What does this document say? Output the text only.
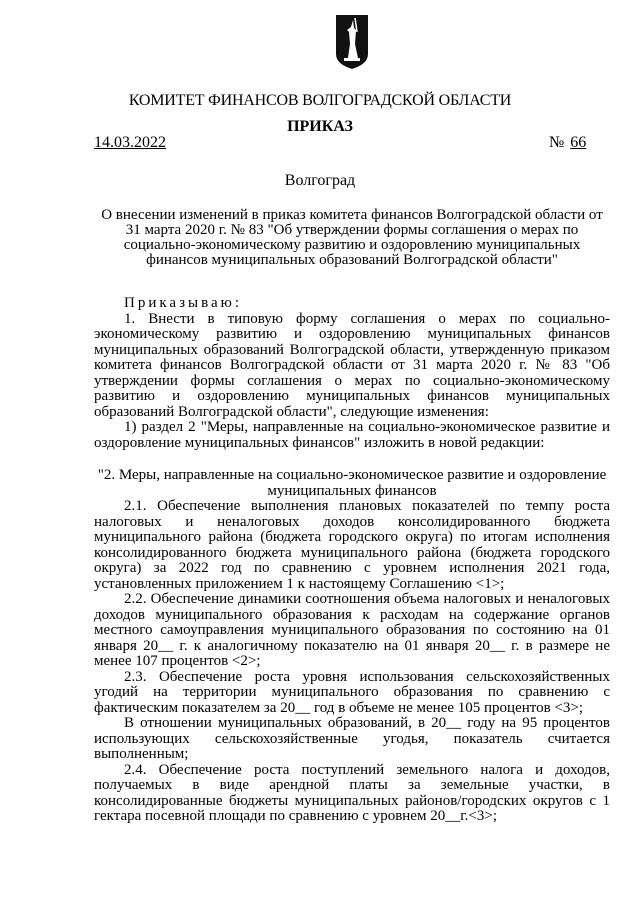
КОМИТЕТ ФИНАНСОВ ВОЛГОГРАДСКОЙ ОБЛАСТИ
ПРИКАЗ
14.03.2022	№ 66
Волгоград
О внесении изменений в приказ комитета финансов Волгоградской области от 31 марта 2020 г. № 83 "Об утверждении формы соглашения о мерах по социально-экономическому развитию и оздоровлению муниципальных финансов муниципальных образований Волгоградской области"

Приказываю:

1. Внести в типовую форму соглашения о мерах по социально-экономическому развитию и оздоровлению муниципальных финансов муниципальных образований Волгоградской области, утвержденную приказом комитета финансов Волгоградской области от 31 марта 2020 г. № 83 "Об утверждении формы соглашения о мерах по социально-экономическому развитию и оздоровлению муниципальных финансов муниципальных образований Волгоградской области", следующие изменения:

1) раздел 2 "Меры, направленные на социально-экономическое развитие и оздоровление муниципальных финансов" изложить в новой редакции:

"2. Меры, направленные на социально-экономическое развитие и оздоровление муниципальных финансов

2.1. Обеспечение выполнения плановых показателей по темпу роста налоговых и неналоговых доходов консолидированного бюджета муниципального района (бюджета городского округа) по итогам исполнения консолидированного бюджета муниципального района (бюджета городского округа) за 2022 год по сравнению с уровнем исполнения 2021 года, установленных приложением 1 к настоящему Соглашению <1>;

2.2. Обеспечение динамики соотношения объема налоговых и неналоговых доходов муниципального образования к расходам на содержание органов местного самоуправления муниципального образования по состоянию на 01 января 20__ г. к аналогичному показателю на 01 января 20__ г. в размере не менее 107 процентов <2>;

2.3. Обеспечение роста уровня использования сельскохозяйственных угодий на территории муниципального образования по сравнению с фактическим показателем за 20__ год в объеме не менее 105 процентов <3>;

В отношении муниципальных образований, в 20__ году на 95 процентов использующих сельскохозяйственные угодья, показатель считается выполненным;

2.4. Обеспечение роста поступлений земельного налога и доходов, получаемых в виде арендной платы за земельные участки, в консолидированные бюджеты муниципальных районов/городских округов с 1 гектара посевной площади по сравнению с уровнем 20__г.<3>;
